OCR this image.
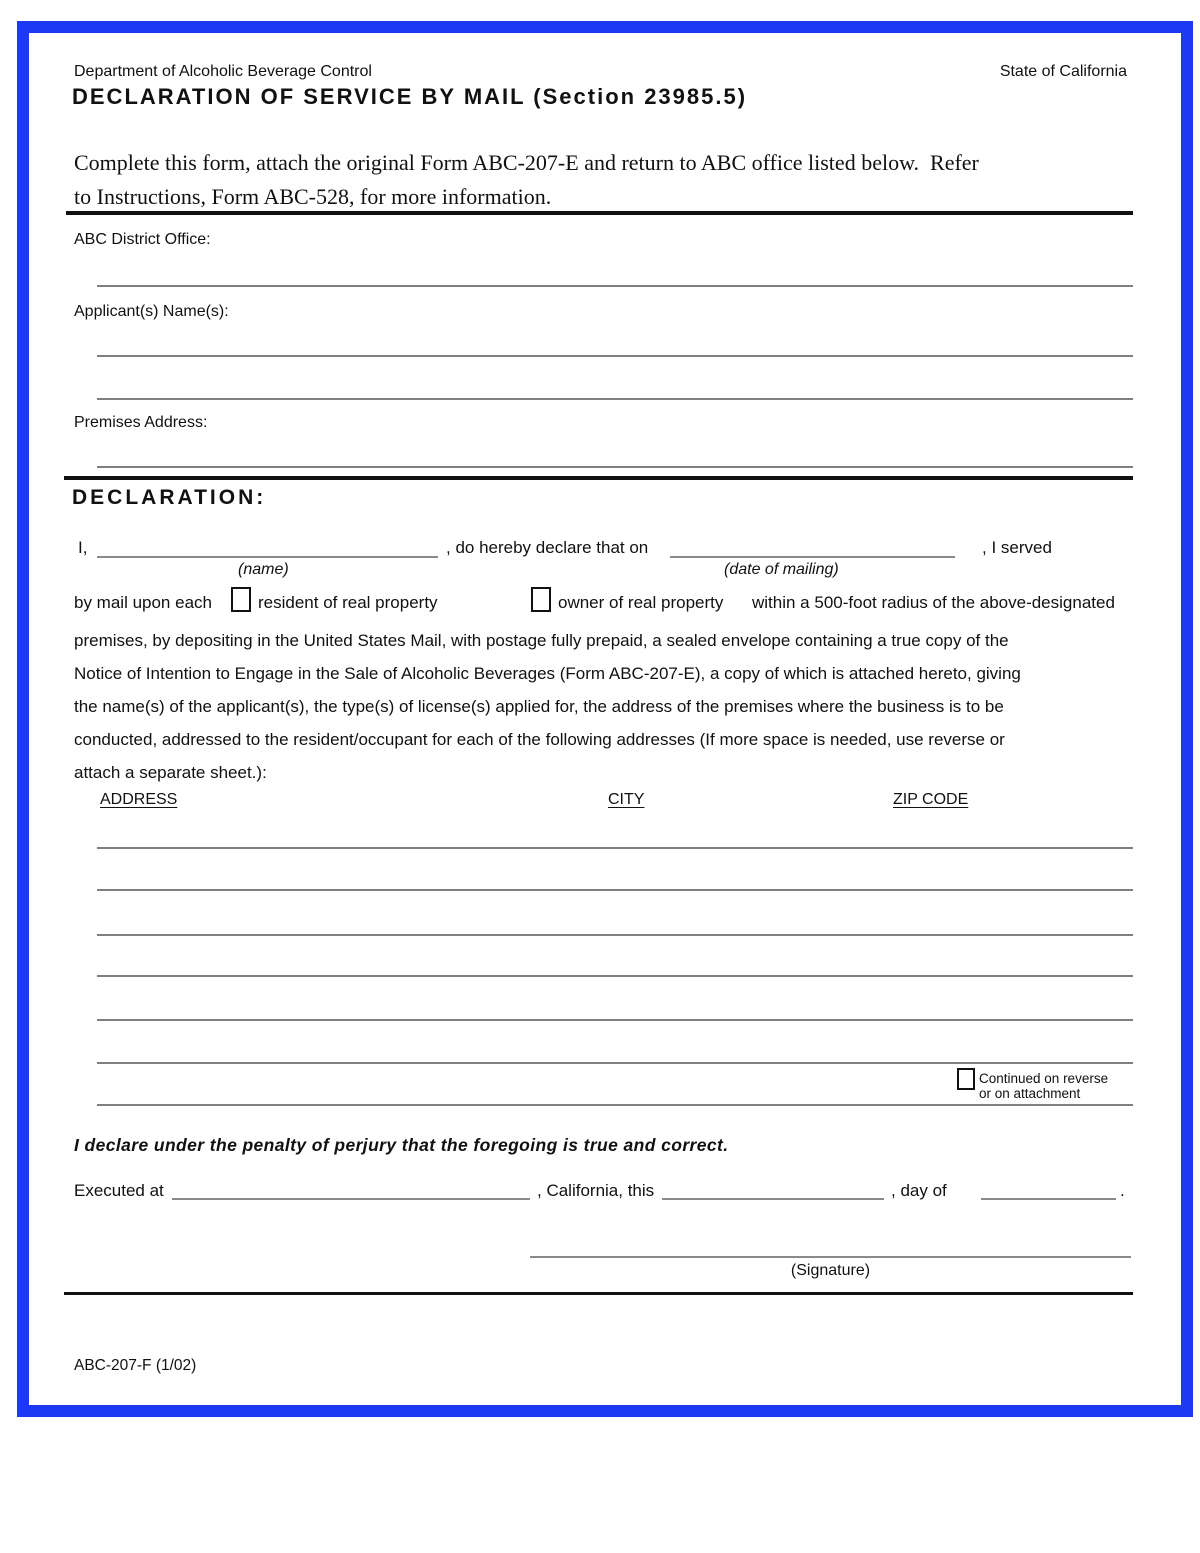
Department of Alcoholic Beverage Control	State of California
DECLARATION OF SERVICE BY MAIL (Section 23985.5)
Complete this form, attach the original Form ABC-207-E and return to ABC office listed below.  Refer
to Instructions, Form ABC-528, for more information.
ABC District Office:
Applicant(s) Name(s):
Premises Address:
DECLARATION:
I,	, do hereby declare that on	, I served
(name)	(date of mailing)
by mail upon each	resident of real property	owner of real property within a 500-foot radius of the above-designated
premises, by depositing in the United States Mail, with postage fully prepaid, a sealed envelope containing a true copy of the
Notice of Intention to Engage in the Sale of Alcoholic Beverages (Form ABC-207-E), a copy of which is attached hereto, giving
the name(s) of the applicant(s), the type(s) of license(s) applied for, the address of the premises where the business is to be
conducted, addressed to the resident/occupant for each of the following addresses (If more space is needed, use reverse or
attach a separate sheet.):
ADDRESS	CITY	ZIP CODE
Continued on reverse
or on attachment
I declare under the penalty of perjury that the foregoing is true and correct.
Executed at	, California, this	, day of	.
(Signature)
ABC-207-F (1/02)
